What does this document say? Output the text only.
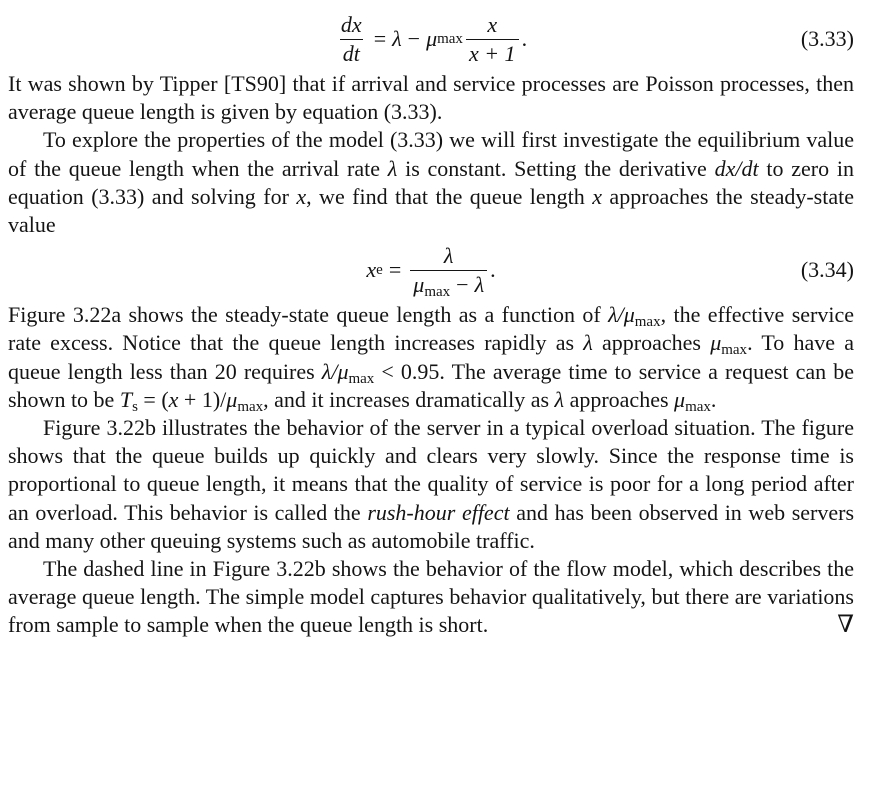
$\frac{dx}{dt} = \lambda - \mu$ $\max \frac{x}{x + 1}$ .	(3.33)

It was shown by Tipper [TS90] that if arrival and service processes are Poisson processes, then average queue length is given by equation (3.33).

To explore the properties of the model (3.33) we will first investigate the equilibrium value of the queue length when the arrival rate λ is constant. Setting the derivative dx/dt to zero in equation (3.33) and solving for x, we find that the queue length x approaches the steady-state value

x $e = \frac{\lambda}{\mu_{max} - \lambda}$ .	(3.34)

Figure 3.22a shows the steady-state queue length as a function of $\lambda/\mu_{max}$, the effective service rate excess. Notice that the queue length increases rapidly as λ approaches $\mu_{max}$. To have a queue length less than 20 requires $\lambda/\mu_{max} < 0.95$. The average time to service a request can be shown to be $T_s = (x + 1)/\mu_{max}$, and it increases dramatically as λ approaches $\mu_{max}$.

Figure 3.22b illustrates the behavior of the server in a typical overload situation. The figure shows that the queue builds up quickly and clears very slowly. Since the response time is proportional to queue length, it means that the quality of service is poor for a long period after an overload. This behavior is called the rush-hour effect and has been observed in web servers and many other queuing systems such as automobile traffic.

The dashed line in Figure 3.22b shows the behavior of the flow model, which describes the average queue length. The simple model captures behavior qualitatively, but there are variations from sample to sample when the queue length is short.	∇
